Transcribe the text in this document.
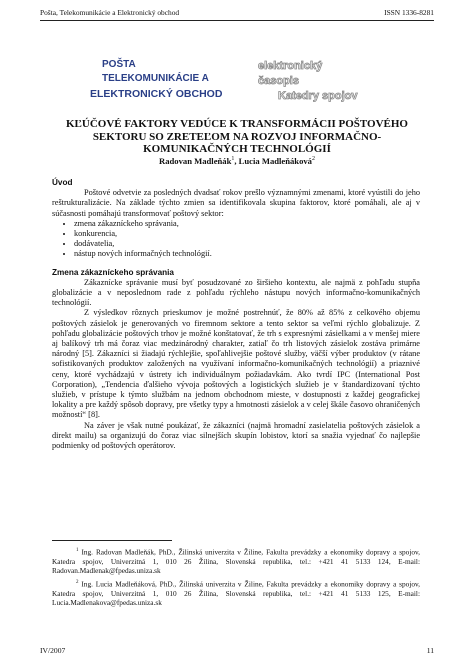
Pošta, Telekomunikácie a Elektronický obchod	ISSN 1336-8281
POŠTA
TELEKOMUNIKÁCIE A
ELEKTRONICKÝ OBCHOD
elektronický
časopis
Katedry spojov
KĽÚČOVÉ FAKTORY VEDÚCE K TRANSFORMÁCII POŠTOVÉHO
SEKTORU SO ZRETEĽOM NA ROZVOJ INFORMAČNO-
KOMUNIKAČNÝCH TECHNOLÓGIÍ
Radovan Madleňák$^1$, Lucia Madleňáková$^2$
Úvod

Poštové odvetvie za posledných dvadsať rokov prešlo významnými zmenami, ktoré vyústili do jeho reštrukturalizácie. Na základe týchto zmien sa identifikovala skupina faktorov, ktoré pomáhali, ale aj v súčasnosti pomáhajú transformovať poštový sektor:

• zmena zákazníckeho správania,
• konkurencia,
• dodávatelia,
• nástup nových informačných technológií.
Zmena zákazníckeho správania

Zákaznícke správanie musí byť posudzované zo širšieho kontextu, ale najmä z pohľadu stupňa globalizácie a v neposlednom rade z pohľadu rýchleho nástupu nových informačno-komunikačných technológií.

Z výsledkov rôznych prieskumov je možné postrehnúť, že 80% až 85% z celkového objemu poštových zásielok je generovaných vo firemnom sektore a tento sektor sa veľmi rýchlo globalizuje. Z pohľadu globalizácie poštových trhov je možné konštatovať, že trh s expresnými zásielkami a v menšej miere aj balíkový trh má čoraz viac medzinárodný charakter, zatiaľ čo trh listových zásielok zostáva primárne národný [5]. Zákazníci si žiadajú rýchlejšie, spoľahlivejšie poštové služby, väčší výber produktov (v rátane sofistikovaných produktov založených na využívaní informačno-komunikačných technológií) a priaznivé ceny, ktoré vychádzajú v ústrety ich individuálnym požiadavkám. Ako tvrdí IPC (International Post Corporation), „Tendencia ďalšieho vývoja poštových a logistických služieb je v štandardizovaní týchto služieb, v prístupe k týmto službám na jednom obchodnom mieste, v dostupnosti z každej geografickej lokality a pre každý spôsob dopravy, pre všetky typy a hmotnosti zásielok a v celej škále časovo ohraničených možností“ [8].

Na záver je však nutné poukázať, že zákazníci (najmä hromadní zasielatelia poštových zásielok a direkt mailu) sa organizujú do čoraz viac silnejších skupín lobistov, ktorí sa snažia vyjednať čo najlepšie podmienky od poštových operátorov.

$^1$ Ing. Radovan Madleňák, PhD., Žilinská univerzita v Žiline, Fakulta prevádzky a ekonomiky dopravy a spojov, Katedra spojov, Univerzitná 1, 010 26 Žilina, Slovenská republika, tel.: +421 41 5133 124, E-mail: Radovan.Madlenak@fpedas.uniza.sk

$^2$ Ing. Lucia Madleňáková, PhD., Žilinská univerzita v Žiline, Fakulta prevádzky a ekonomiky dopravy a spojov, Katedra spojov, Univerzitná 1, 010 26 Žilina, Slovenská republika, tel.: +421 41 5133 125, E-mail: Lucia.Madlenakova@fpedas.uniza.sk

IV/2007	11
